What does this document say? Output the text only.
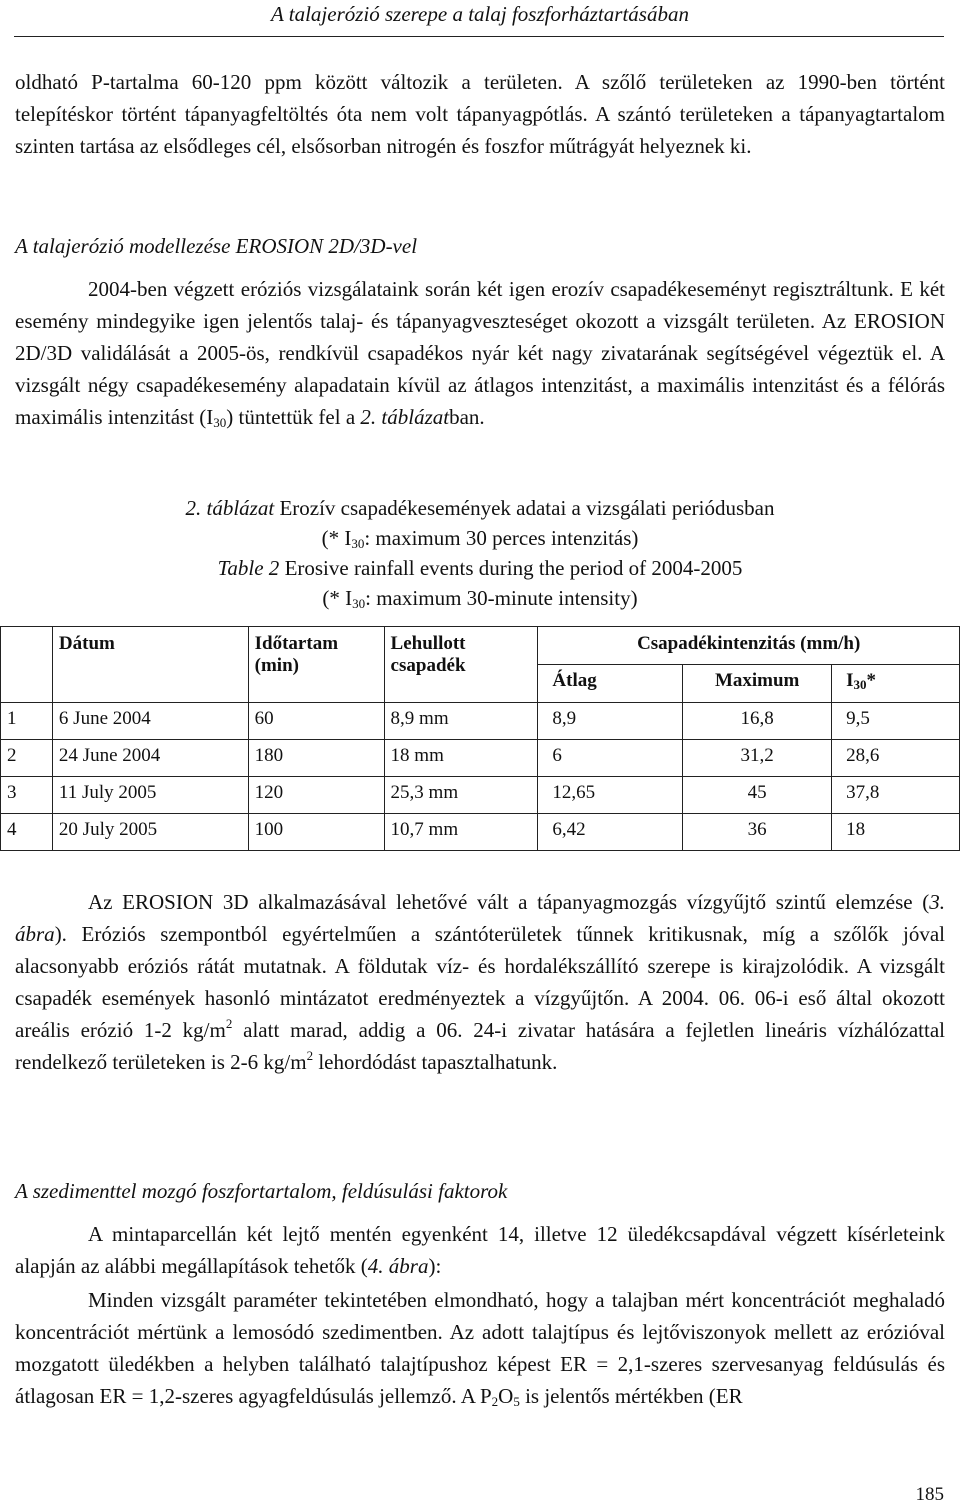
A talajerózió szerepe a talaj foszforháztartásában
oldható P-tartalma 60-120 ppm között változik a területen. A szőlő területeken az 1990-ben történt telepítéskor történt tápanyagfeltöltés óta nem volt tápanyagpótlás. A szántó területeken a tápanyagtartalom szinten tartása az elsődleges cél, elsősorban nitrogén és foszfor műtrágyát helyeznek ki.
A talajerózió modellezése EROSION 2D/3D-vel
2004-ben végzett eróziós vizsgálataink során két igen erozív csapadékeseményt regisztráltunk. E két esemény mindegyike igen jelentős talaj- és tápanyagveszteséget okozott a vizsgált területen. Az EROSION 2D/3D validálását a 2005-ös, rendkívül csapadékos nyár két nagy zivatarának segítségével végeztük el. A vizsgált négy csapadékesemény alapadatain kívül az átlagos intenzitást, a maximális intenzitást és a félórás maximális intenzitást $(I_{30})$ tüntettük fel a 2. táblázatban.
2. táblázat Erozív csapadékesemények adatai a vizsgálati periódusban
(* $I_{30}$: maximum 30 perces intenzitás)
Table 2 Erosive rainfall events during the period of 2004-2005
(* $I_{30}$: maximum 30-minute intensity)
	Dátum	Időtartam (min)	Lehullott csapadék	Csapadékintenzitás (mm/h)		
				Átlag	Maximum	$I_{30}*$
1	6 June 2004	60	8,9 mm	8,9	16,8	9,5
2	24 June 2004	180	18 mm	6	31,2	28,6
3	11 July 2005	120	25,3 mm	12,65	45	37,8
4	20 July 2005	100	10,7 mm	6,42	36	18
Az EROSION 3D alkalmazásával lehetővé vált a tápanyagmozgás vízgyűjtő szintű elemzése (3. ábra). Eróziós szempontból egyértelműen a szántóterületek tűnnek kritikusnak, míg a szőlők jóval alacsonyabb eróziós rátát mutatnak. A földutak víz- és hordalékszállító szerepe is kirajzolódik. A vizsgált csapadék események hasonló mintázatot eredményeztek a vízgyűjtőn. A 2004. 06. 06-i eső által okozott areális erózió 1-2 $kg/m^2$ alatt marad, addig a 06. 24-i zivatar hatására a fejletlen lineáris vízhálózattal rendelkező területeken is 2-6 $kg/m^2$ lehordódást tapasztalhatunk.
A szedimenttel mozgó foszfortartalom, feldúsulási faktorok
A mintaparcellán két lejtő mentén egyenként 14, illetve 12 üledékcsapdával végzett kísérleteink alapján az alábbi megállapítások tehetők (4. ábra):
Minden vizsgált paraméter tekintetében elmondható, hogy a talajban mért koncentrációt meghaladó koncentrációt mértünk a lemosódó szedimentben. Az adott talajtípus és lejtőviszonyok mellett az erózióval mozgatott üledékben a helyben található talajtípushoz képest ER = 2,1-szeres szervesanyag feldúsulás és átlagosan ER = 1,2-szeres agyagfeldúsulás jellemző. A $P_2O_5$ is jelentős mértékben (ER
185
